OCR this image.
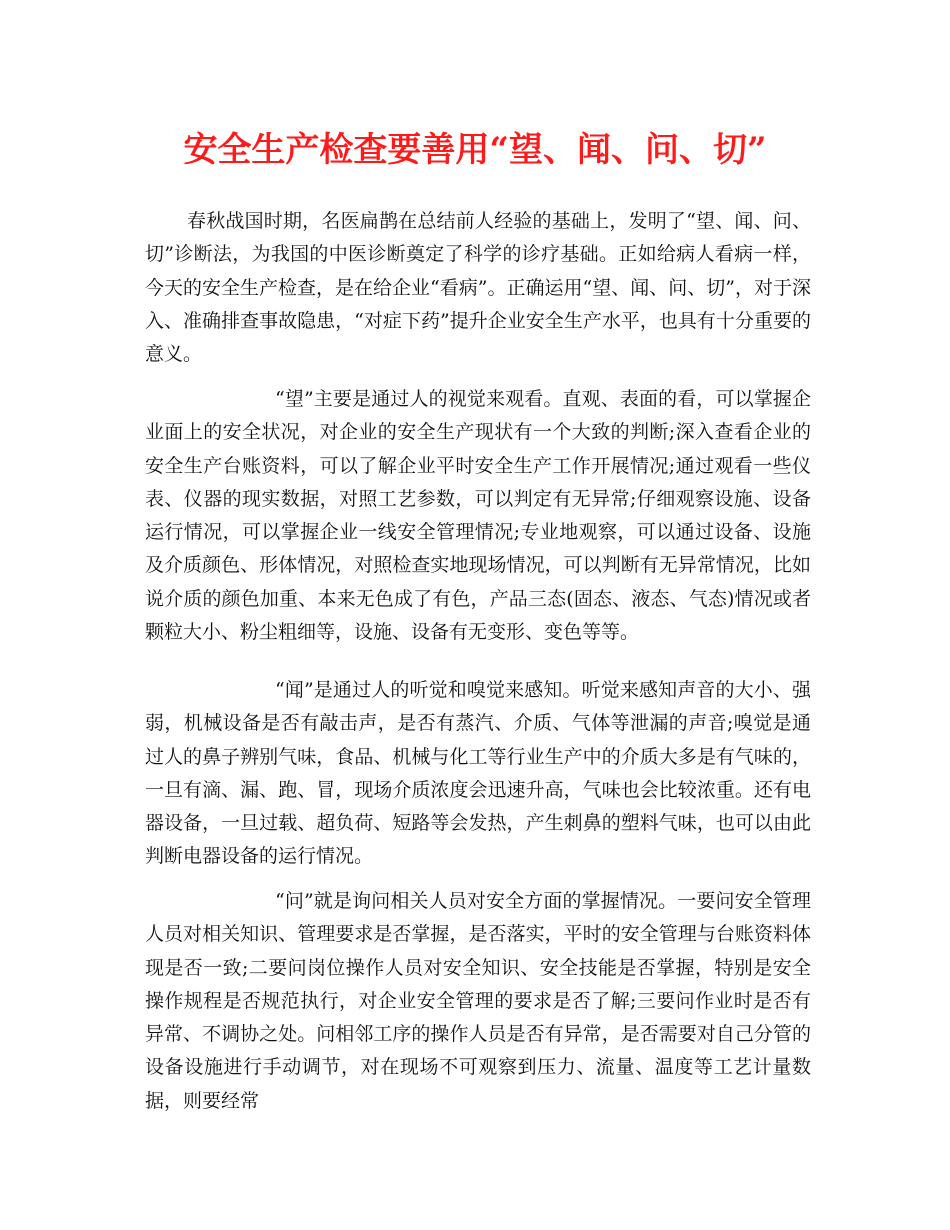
安全生产检查要善用“望、闻、问、切”

春秋战国时期，名医扁鹊在总结前人经验的基础上，发明了“望、闻、问、切”诊断法，为我国的中医诊断奠定了科学的诊疗基础。正如给病人看病一样，今天的安全生产检查，是在给企业“看病”。正确运用“望、闻、问、切”，对于深入、准确排查事故隐患，“对症下药”提升企业安全生产水平，也具有十分重要的意义。

“望”主要是通过人的视觉来观看。直观、表面的看，可以掌握企业面上的安全状况，对企业的安全生产现状有一个大致的判断;深入查看企业的安全生产台账资料，可以了解企业平时安全生产工作开展情况;通过观看一些仪表、仪器的现实数据，对照工艺参数，可以判定有无异常;仔细观察设施、设备运行情况，可以掌握企业一线安全管理情况;专业地观察，可以通过设备、设施及介质颜色、形体情况，对照检查实地现场情况，可以判断有无异常情况，比如说介质的颜色加重、本来无色成了有色，产品三态(固态、液态、气态)情况或者颗粒大小、粉尘粗细等，设施、设备有无变形、变色等等。

“闻”是通过人的听觉和嗅觉来感知。听觉来感知声音的大小、强弱，机械设备是否有敲击声，是否有蒸汽、介质、气体等泄漏的声音;嗅觉是通过人的鼻子辨别气味，食品、机械与化工等行业生产中的介质大多是有气味的，一旦有滴、漏、跑、冒，现场介质浓度会迅速升高，气味也会比较浓重。还有电器设备，一旦过载、超负荷、短路等会发热，产生刺鼻的塑料气味，也可以由此判断电器设备的运行情况。

“问”就是询问相关人员对安全方面的掌握情况。一要问安全管理人员对相关知识、管理要求是否掌握，是否落实，平时的安全管理与台账资料体现是否一致;二要问岗位操作人员对安全知识、安全技能是否掌握，特别是安全操作规程是否规范执行，对企业安全管理的要求是否了解;三要问作业时是否有异常、不调协之处。问相邻工序的操作人员是否有异常，是否需要对自己分管的设备设施进行手动调节，对在现场不可观察到压力、流量、温度等工艺计量数据，则要经常
